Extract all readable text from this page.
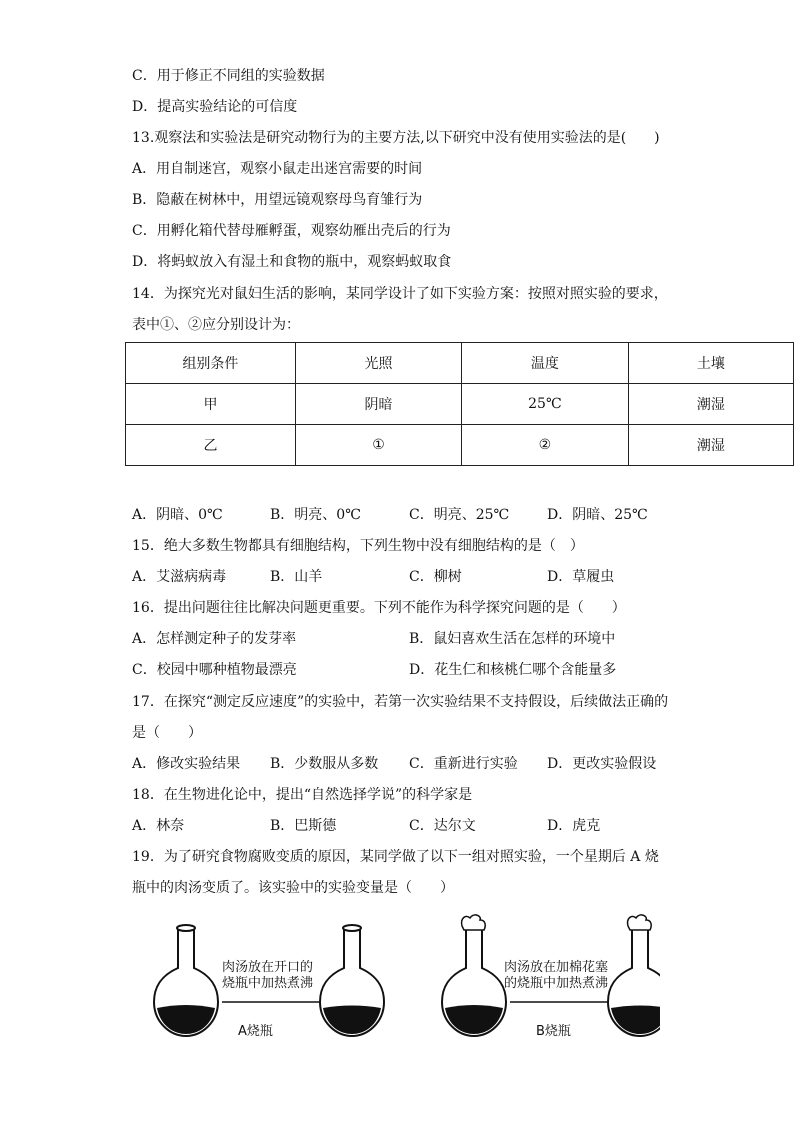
C．用于修正不同组的实验数据
D．提高实验结论的可信度
13.观察法和实验法是研究动物行为的主要方法,以下研究中没有使用实验法的是(　　)
A．用自制迷宫，观察小鼠走出迷宫需要的时间
B．隐蔽在树林中，用望远镜观察母鸟育雏行为
C．用孵化箱代替母雁孵蛋，观察幼雁出壳后的行为
D．将蚂蚁放入有湿土和食物的瓶中，观察蚂蚁取食
14．为探究光对鼠妇生活的影响，某同学设计了如下实验方案：按照对照实验的要求，
表中①、②应分别设计为：
组别条件	光照	温度	土壤
甲	阴暗	25℃	潮湿
乙	①	②	潮湿
A．阴暗、0℃	B．明亮、0℃	C．明亮、25℃	D．阴暗、25℃
15．绝大多数生物都具有细胞结构，下列生物中没有细胞结构的是（　）
A．艾滋病病毒	B．山羊	C．柳树	D．草履虫
16．提出问题往往比解决问题更重要。下列不能作为科学探究问题的是（　　）
A．怎样测定种子的发芽率	B．鼠妇喜欢生活在怎样的环境中
C．校园中哪种植物最漂亮	D．花生仁和核桃仁哪个含能量多
17．在探究“测定反应速度”的实验中，若第一次实验结果不支持假设，后续做法正确的
是（　　）
A．修改实验结果 B．少数服从多数 C．重新进行实验 D．更改实验假设
18．在生物进化论中，提出“自然选择学说”的科学家是
A．林奈	B．巴斯德	C．达尔文	D．虎克
19．为了研究食物腐败变质的原因，某同学做了以下一组对照实验，一个星期后 A 烧
瓶中的肉汤变质了。该实验中的实验变量是（　　）
肉汤放在开口的
烧瓶中加热煮沸
A烧瓶
肉汤放在加棉花塞
的烧瓶中加热煮沸
B烧瓶
